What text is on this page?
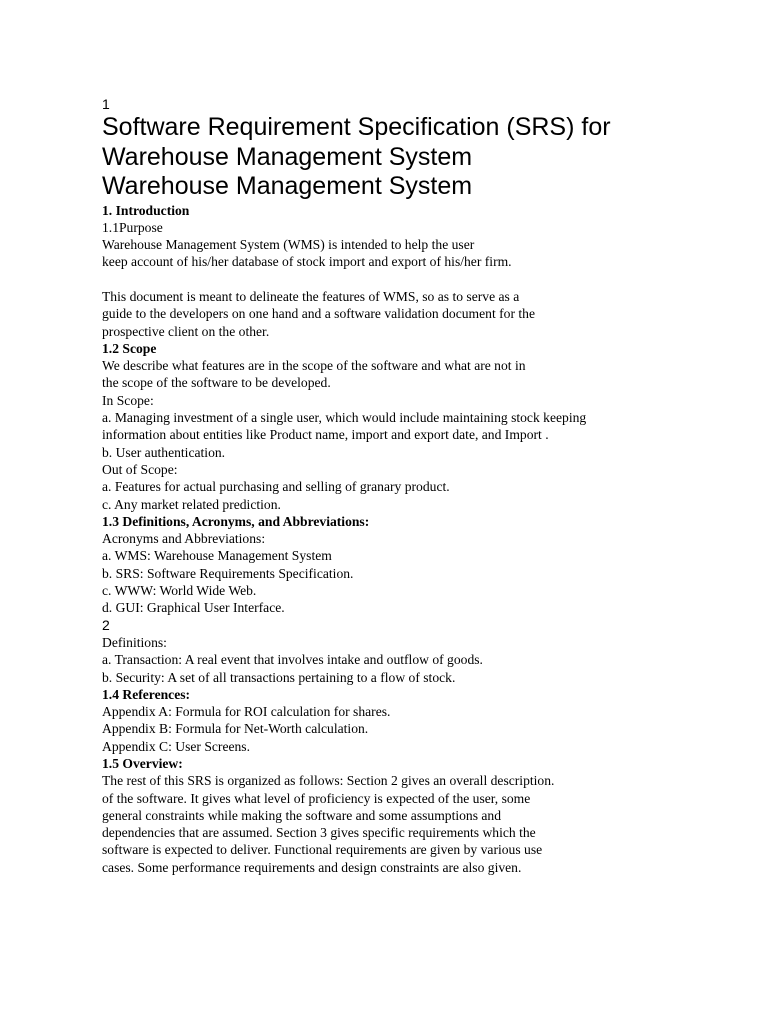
1
Software Requirement Specification (SRS) for
Warehouse Management System
Warehouse Management System
1. Introduction
1.1Purpose
Warehouse Management System (WMS) is intended to help the user
keep account of his/her database of stock import and export of his/her firm.
This document is meant to delineate the features of WMS, so as to serve as a
guide to the developers on one hand and a software validation document for the
prospective client on the other.
1.2 Scope
We describe what features are in the scope of the software and what are not in
the scope of the software to be developed.
In Scope:
a. Managing investment of a single user, which would include maintaining stock keeping
information about entities like Product name, import and export date, and Import .
b. User authentication.
Out of Scope:
a. Features for actual purchasing and selling of granary product.
c. Any market related prediction.
1.3 Definitions, Acronyms, and Abbreviations:
Acronyms and Abbreviations:
a. WMS: Warehouse Management System
b. SRS: Software Requirements Specification.
c. WWW: World Wide Web.
d. GUI: Graphical User Interface.
2
Definitions:
a. Transaction: A real event that involves intake and outflow of goods.
b. Security: A set of all transactions pertaining to a flow of stock.
1.4 References:
Appendix A: Formula for ROI calculation for shares.
Appendix B: Formula for Net-Worth calculation.
Appendix C: User Screens.
1.5 Overview:
The rest of this SRS is organized as follows: Section 2 gives an overall description.
of the software. It gives what level of proficiency is expected of the user, some
general constraints while making the software and some assumptions and
dependencies that are assumed. Section 3 gives specific requirements which the
software is expected to deliver. Functional requirements are given by various use
cases. Some performance requirements and design constraints are also given.
